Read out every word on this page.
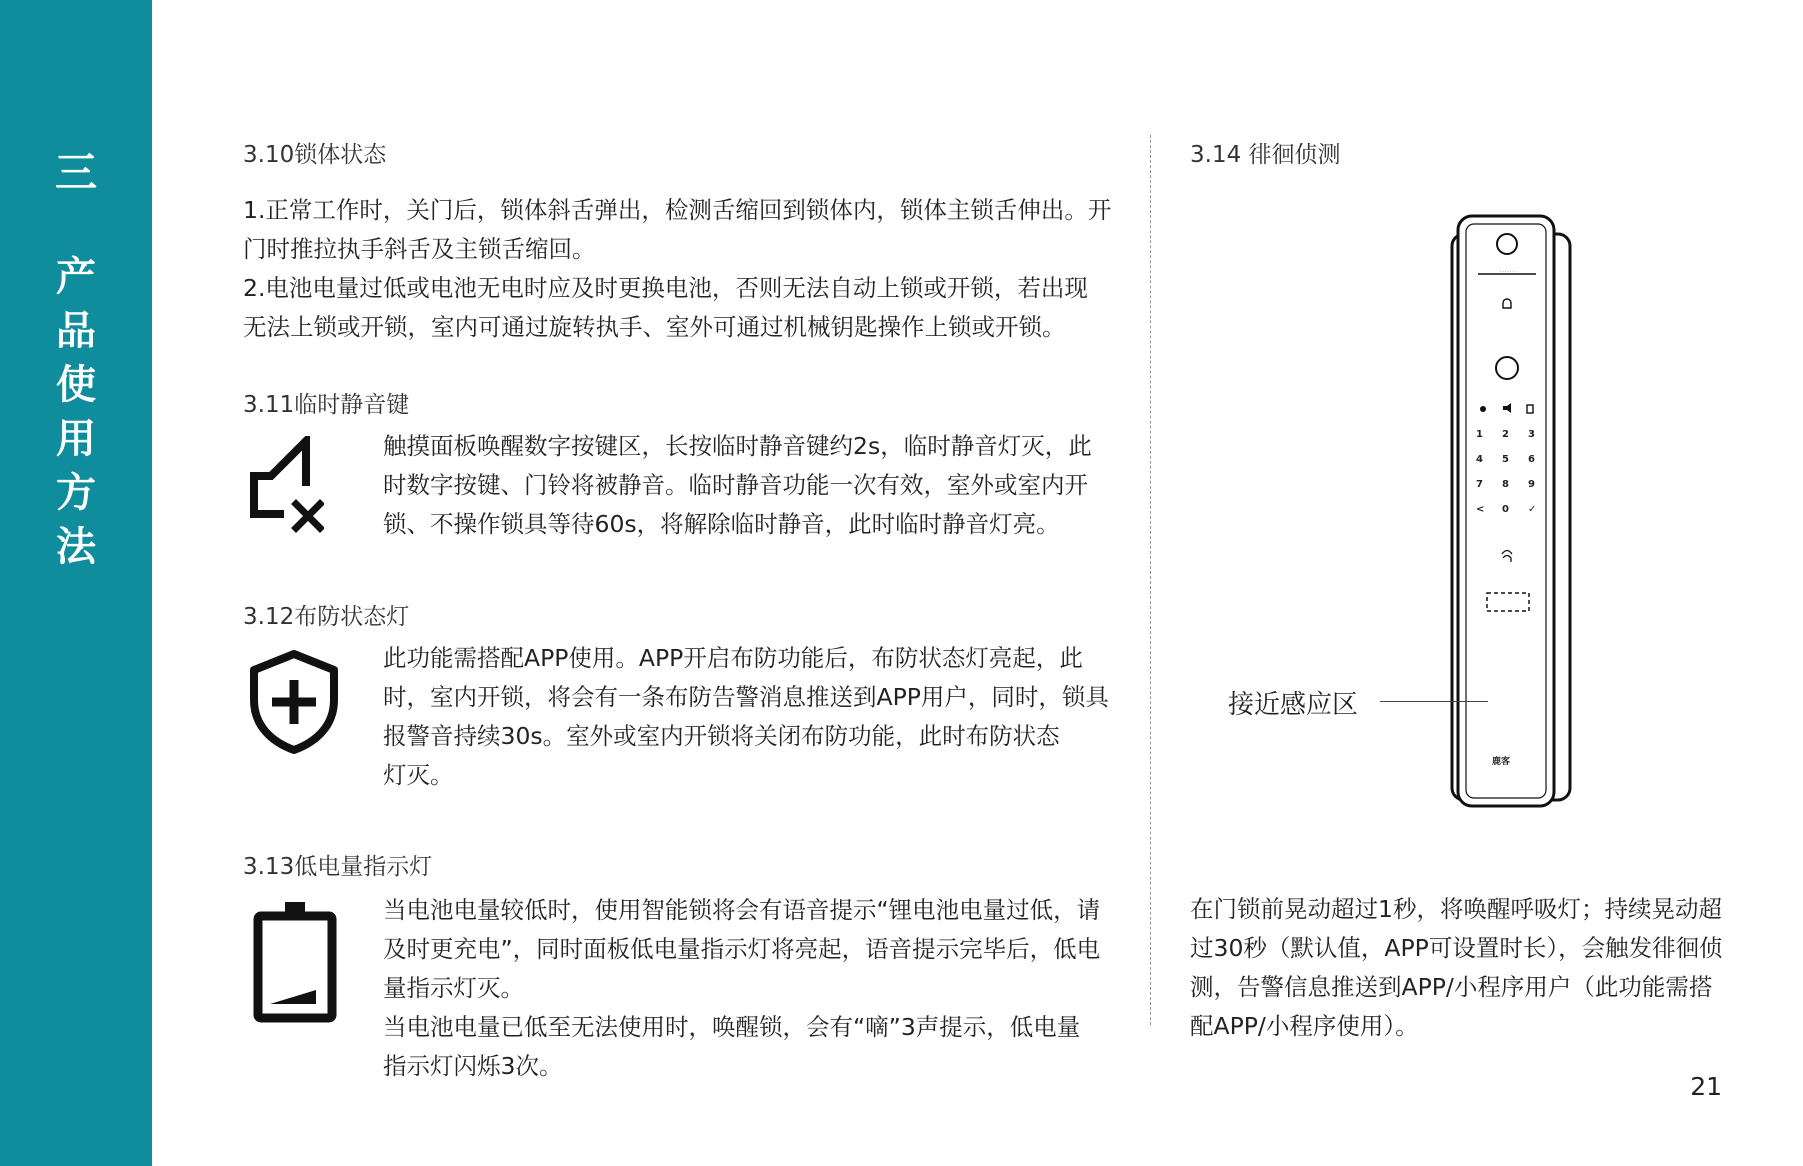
三
产
品
使
用
方
法
3.10锁体状态
1.正常工作时，关门后，锁体斜舌弹出，检测舌缩回到锁体内，锁体主锁舌伸出。开
门时推拉执手斜舌及主锁舌缩回。
2.电池电量过低或电池无电时应及时更换电池，否则无法自动上锁或开锁，若出现
无法上锁或开锁，室内可通过旋转执手、室外可通过机械钥匙操作上锁或开锁。
3.11临时静音键
触摸面板唤醒数字按键区，长按临时静音键约2s，临时静音灯灭，此
时数字按键、门铃将被静音。临时静音功能一次有效，室外或室内开
锁、不操作锁具等待60s，将解除临时静音，此时临时静音灯亮。
3.12布防状态灯
此功能需搭配APP使用。APP开启布防功能后，布防状态灯亮起，此
时，室内开锁，将会有一条布防告警消息推送到APP用户，同时，锁具
报警音持续30s。室外或室内开锁将关闭布防功能，此时布防状态
灯灭。
3.13低电量指示灯
当电池电量较低时，使用智能锁将会有语音提示“锂电池电量过低，请
及时更充电”，同时面板低电量指示灯将亮起，语音提示完毕后，低电
量指示灯灭。
当电池电量已低至无法使用时，唤醒锁，会有“嘀”3声提示，低电量
指示灯闪烁3次。
3.14 徘徊侦测
· · · · · ·
1 2 3
4 5 6
7 8 9
< 0 ✓
鹿客
接近感应区
在门锁前晃动超过1秒，将唤醒呼吸灯；持续晃动超
过30秒（默认值，APP可设置时长），会触发徘徊侦
测，告警信息推送到APP/小程序用户（此功能需搭
配APP/小程序使用）。
21
